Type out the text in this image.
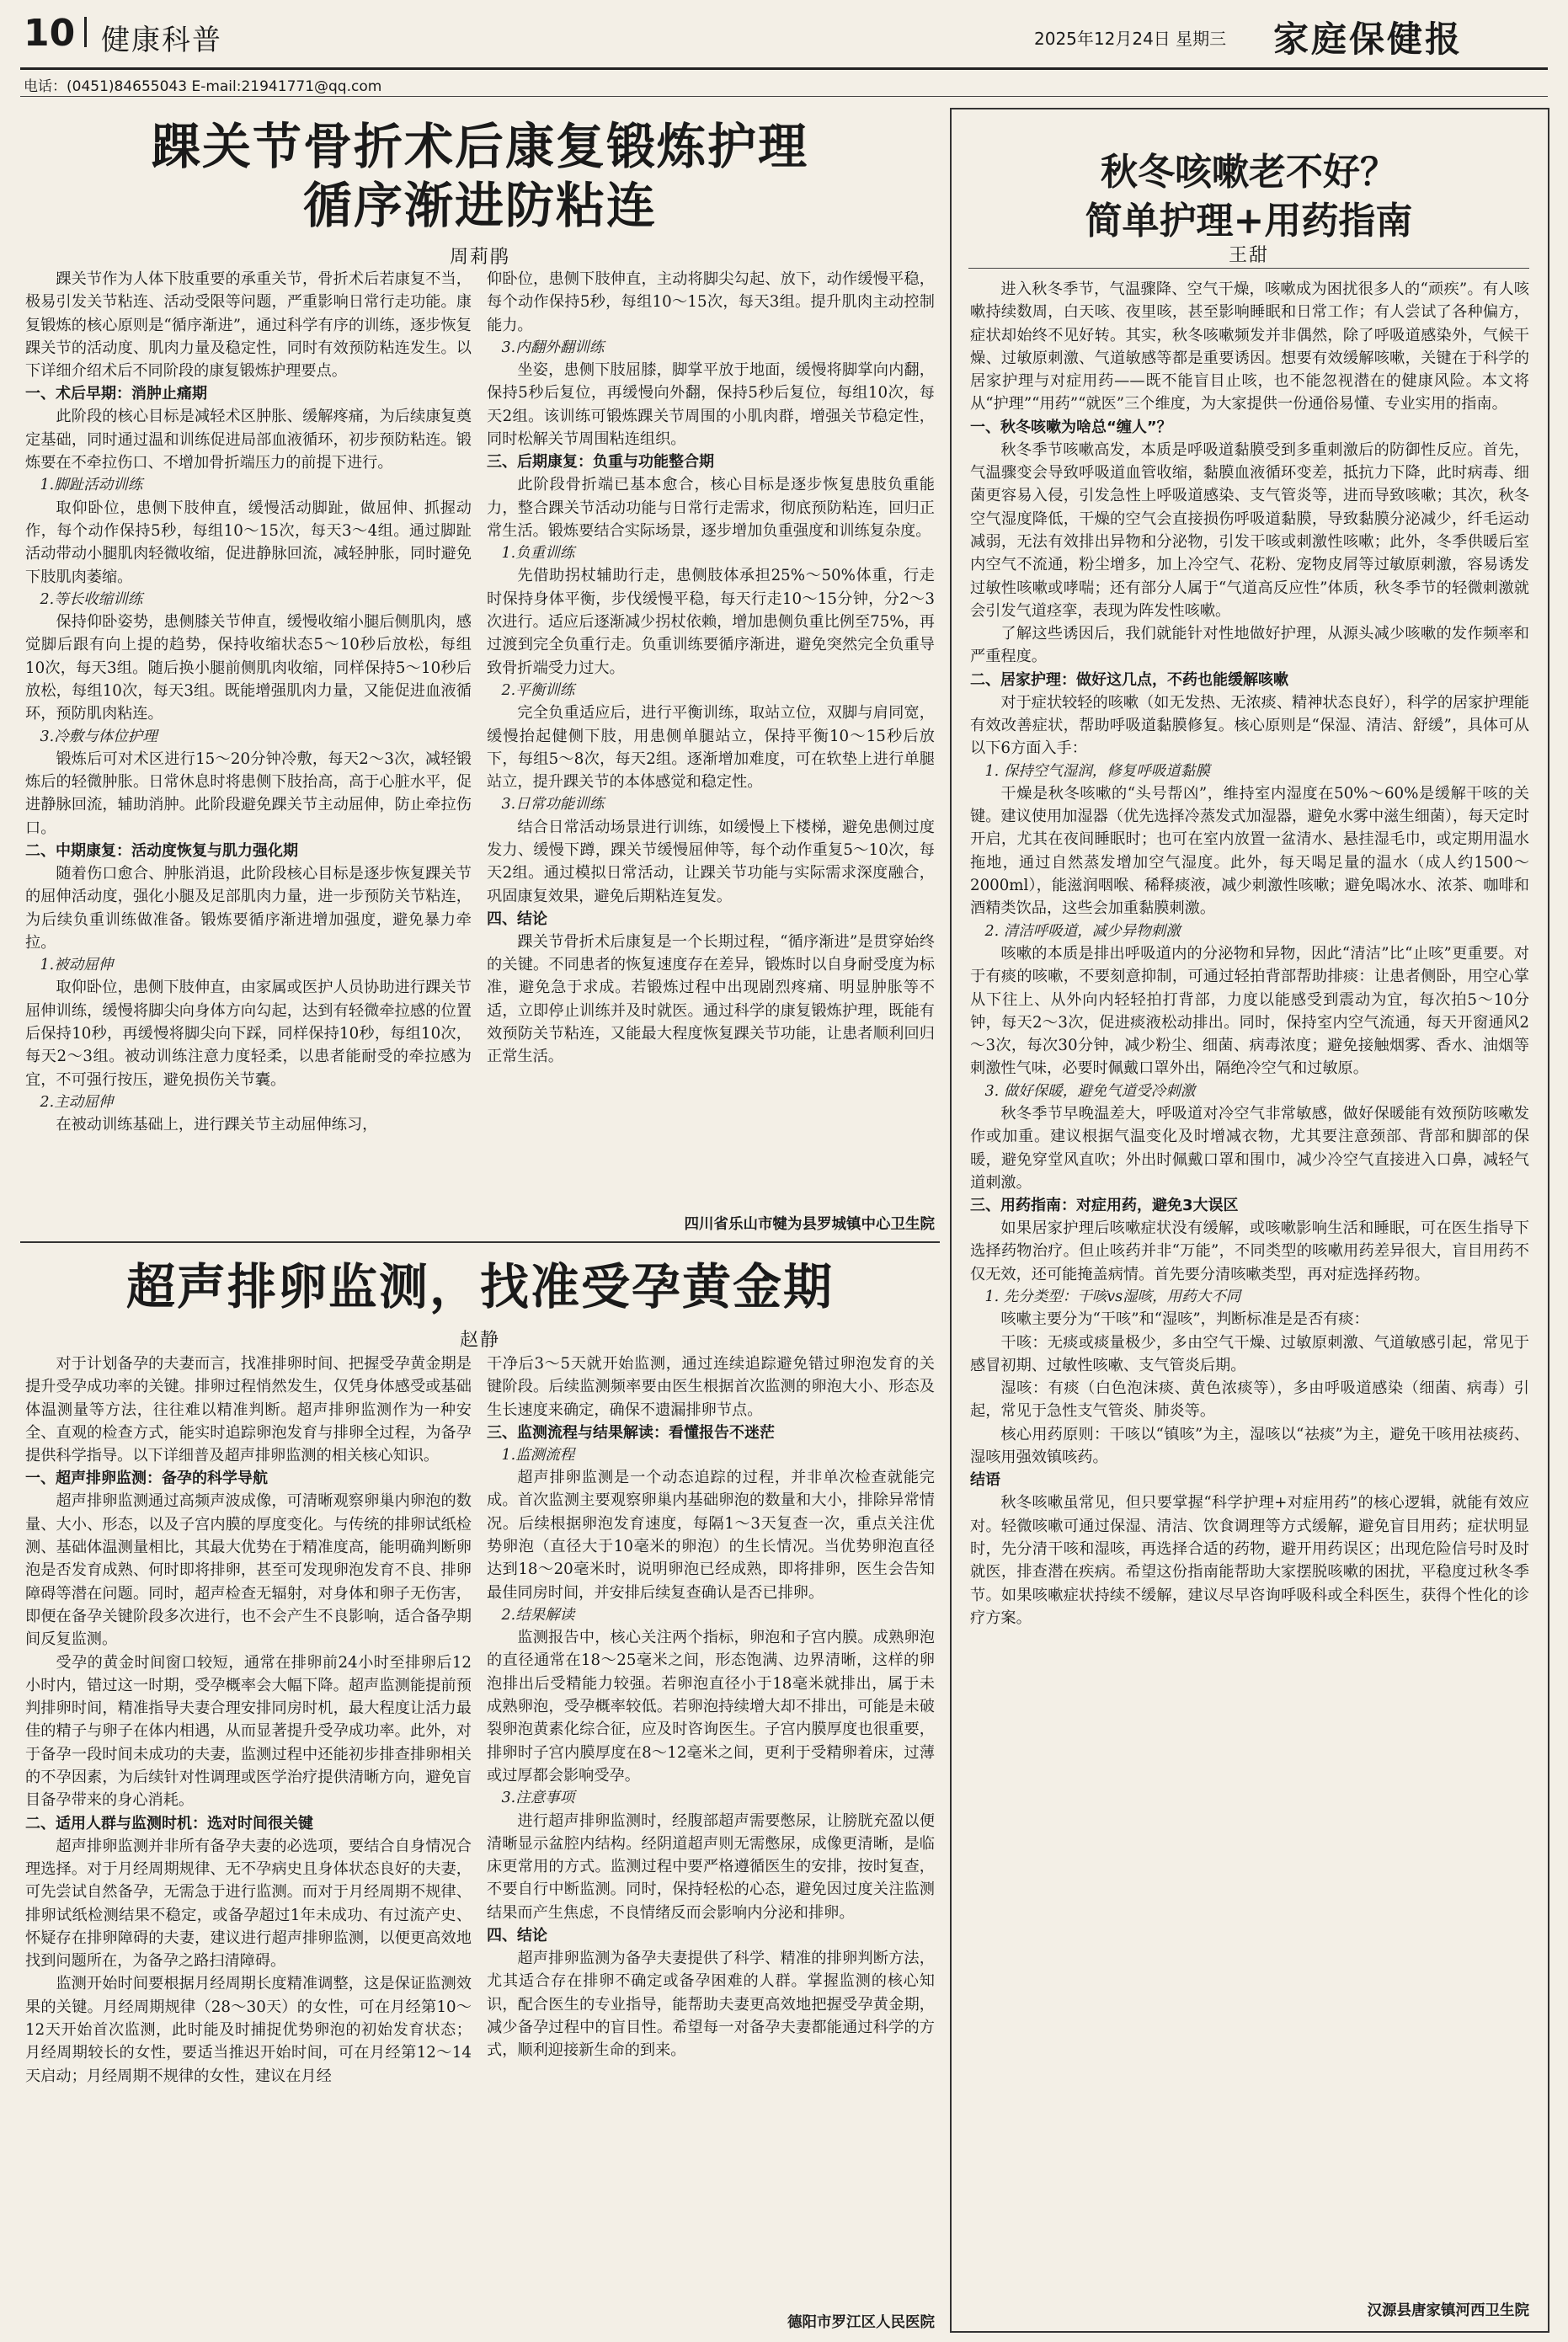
10 健康科普	2025年12月24日 星期三 家庭保健报
电话：(0451)84655043 E-mail:21941771@qq.com
踝关节骨折术后康复锻炼护理
循序渐进防粘连
周莉鹃

踝关节作为人体下肢重要的承重关节，骨折术后若康复不当，极易引发关节粘连、活动受限等问题，严重影响日常行走功能。康复锻炼的核心原则是“循序渐进”，通过科学有序的训练，逐步恢复踝关节的活动度、肌肉力量及稳定性，同时有效预防粘连发生。以下详细介绍术后不同阶段的康复锻炼护理要点。

一、术后早期：消肿止痛期

此阶段的核心目标是减轻术区肿胀、缓解疼痛，为后续康复奠定基础，同时通过温和训练促进局部血液循环，初步预防粘连。锻炼要在不牵拉伤口、不增加骨折端压力的前提下进行。

1.脚趾活动训练

取仰卧位，患侧下肢伸直，缓慢活动脚趾，做屈伸、抓握动作，每个动作保持5秒，每组10～15次，每天3～4组。通过脚趾活动带动小腿肌肉轻微收缩，促进静脉回流，减轻肿胀，同时避免下肢肌肉萎缩。

2.等长收缩训练

保持仰卧姿势，患侧膝关节伸直，缓慢收缩小腿后侧肌肉，感觉脚后跟有向上提的趋势，保持收缩状态5～10秒后放松，每组10次，每天3组。随后换小腿前侧肌肉收缩，同样保持5～10秒后放松，每组10次，每天3组。既能增强肌肉力量，又能促进血液循环，预防肌肉粘连。

3.冷敷与体位护理

锻炼后可对术区进行15～20分钟冷敷，每天2～3次，减轻锻炼后的轻微肿胀。日常休息时将患侧下肢抬高，高于心脏水平，促进静脉回流，辅助消肿。此阶段避免踝关节主动屈伸，防止牵拉伤口。

二、中期康复：活动度恢复与肌力强化期

随着伤口愈合、肿胀消退，此阶段核心目标是逐步恢复踝关节的屈伸活动度，强化小腿及足部肌肉力量，进一步预防关节粘连，为后续负重训练做准备。锻炼要循序渐进增加强度，避免暴力牵拉。

1.被动屈伸

取仰卧位，患侧下肢伸直，由家属或医护人员协助进行踝关节屈伸训练，缓慢将脚尖向身体方向勾起，达到有轻微牵拉感的位置后保持10秒，再缓慢将脚尖向下踩，同样保持10秒，每组10次，每天2～3组。被动训练注意力度轻柔，以患者能耐受的牵拉感为宜，不可强行按压，避免损伤关节囊。

2.主动屈伸

在被动训练基础上，进行踝关节主动屈伸练习，

仰卧位，患侧下肢伸直，主动将脚尖勾起、放下，动作缓慢平稳，每个动作保持5秒，每组10～15次，每天3组。提升肌肉主动控制能力。

3.内翻外翻训练

坐姿，患侧下肢屈膝，脚掌平放于地面，缓慢将脚掌向内翻，保持5秒后复位，再缓慢向外翻，保持5秒后复位，每组10次，每天2组。该训练可锻炼踝关节周围的小肌肉群，增强关节稳定性，同时松解关节周围粘连组织。

三、后期康复：负重与功能整合期

此阶段骨折端已基本愈合，核心目标是逐步恢复患肢负重能力，整合踝关节活动功能与日常行走需求，彻底预防粘连，回归正常生活。锻炼要结合实际场景，逐步增加负重强度和训练复杂度。

1.负重训练

先借助拐杖辅助行走，患侧肢体承担25%～50%体重，行走时保持身体平衡，步伐缓慢平稳，每天行走10～15分钟，分2～3次进行。适应后逐渐减少拐杖依赖，增加患侧负重比例至75%，再过渡到完全负重行走。负重训练要循序渐进，避免突然完全负重导致骨折端受力过大。

2.平衡训练

完全负重适应后，进行平衡训练，取站立位，双脚与肩同宽，缓慢抬起健侧下肢，用患侧单腿站立，保持平衡10～15秒后放下，每组5～8次，每天2组。逐渐增加难度，可在软垫上进行单腿站立，提升踝关节的本体感觉和稳定性。

3.日常功能训练

结合日常活动场景进行训练，如缓慢上下楼梯，避免患侧过度发力、缓慢下蹲，踝关节缓慢屈伸等，每个动作重复5～10次，每天2组。通过模拟日常活动，让踝关节功能与实际需求深度融合，巩固康复效果，避免后期粘连复发。

四、结论

踝关节骨折术后康复是一个长期过程，“循序渐进”是贯穿始终的关键。不同患者的恢复速度存在差异，锻炼时以自身耐受度为标准，避免急于求成。若锻炼过程中出现剧烈疼痛、明显肿胀等不适，立即停止训练并及时就医。通过科学的康复锻炼护理，既能有效预防关节粘连，又能最大程度恢复踝关节功能，让患者顺利回归正常生活。

四川省乐山市犍为县罗城镇中心卫生院
超声排卵监测，找准受孕黄金期
赵静

对于计划备孕的夫妻而言，找准排卵时间、把握受孕黄金期是提升受孕成功率的关键。排卵过程悄然发生，仅凭身体感受或基础体温测量等方法，往往难以精准判断。超声排卵监测作为一种安全、直观的检查方式，能实时追踪卵泡发育与排卵全过程，为备孕提供科学指导。以下详细普及超声排卵监测的相关核心知识。

一、超声排卵监测：备孕的科学导航

超声排卵监测通过高频声波成像，可清晰观察卵巢内卵泡的数量、大小、形态，以及子宫内膜的厚度变化。与传统的排卵试纸检测、基础体温测量相比，其最大优势在于精准度高，能明确判断卵泡是否发育成熟、何时即将排卵，甚至可发现卵泡发育不良、排卵障碍等潜在问题。同时，超声检查无辐射，对身体和卵子无伤害，即便在备孕关键阶段多次进行，也不会产生不良影响，适合备孕期间反复监测。

受孕的黄金时间窗口较短，通常在排卵前24小时至排卵后12小时内，错过这一时期，受孕概率会大幅下降。超声监测能提前预判排卵时间，精准指导夫妻合理安排同房时机，最大程度让活力最佳的精子与卵子在体内相遇，从而显著提升受孕成功率。此外，对于备孕一段时间未成功的夫妻，监测过程中还能初步排查排卵相关的不孕因素，为后续针对性调理或医学治疗提供清晰方向，避免盲目备孕带来的身心消耗。

二、适用人群与监测时机：选对时间很关键

超声排卵监测并非所有备孕夫妻的必选项，要结合自身情况合理选择。对于月经周期规律、无不孕病史且身体状态良好的夫妻，可先尝试自然备孕，无需急于进行监测。而对于月经周期不规律、排卵试纸检测结果不稳定，或备孕超过1年未成功、有过流产史、怀疑存在排卵障碍的夫妻，建议进行超声排卵监测，以便更高效地找到问题所在，为备孕之路扫清障碍。

监测开始时间要根据月经周期长度精准调整，这是保证监测效果的关键。月经周期规律（28～30天）的女性，可在月经第10～12天开始首次监测，此时能及时捕捉优势卵泡的初始发育状态；月经周期较长的女性，要适当推迟开始时间，可在月经第12～14天启动；月经周期不规律的女性，建议在月经

干净后3～5天就开始监测，通过连续追踪避免错过卵泡发育的关键阶段。后续监测频率要由医生根据首次监测的卵泡大小、形态及生长速度来确定，确保不遗漏排卵节点。

三、监测流程与结果解读：看懂报告不迷茫

1.监测流程

超声排卵监测是一个动态追踪的过程，并非单次检查就能完成。首次监测主要观察卵巢内基础卵泡的数量和大小，排除异常情况。后续根据卵泡发育速度，每隔1～3天复查一次，重点关注优势卵泡（直径大于10毫米的卵泡）的生长情况。当优势卵泡直径达到18～20毫米时，说明卵泡已经成熟，即将排卵，医生会告知最佳同房时间，并安排后续复查确认是否已排卵。

2.结果解读

监测报告中，核心关注两个指标，卵泡和子宫内膜。成熟卵泡的直径通常在18～25毫米之间，形态饱满、边界清晰，这样的卵泡排出后受精能力较强。若卵泡直径小于18毫米就排出，属于未成熟卵泡，受孕概率较低。若卵泡持续增大却不排出，可能是未破裂卵泡黄素化综合征，应及时咨询医生。子宫内膜厚度也很重要，排卵时子宫内膜厚度在8～12毫米之间，更利于受精卵着床，过薄或过厚都会影响受孕。

3.注意事项

进行超声排卵监测时，经腹部超声需要憋尿，让膀胱充盈以便清晰显示盆腔内结构。经阴道超声则无需憋尿，成像更清晰，是临床更常用的方式。监测过程中要严格遵循医生的安排，按时复查，不要自行中断监测。同时，保持轻松的心态，避免因过度关注监测结果而产生焦虑，不良情绪反而会影响内分泌和排卵。

四、结论

超声排卵监测为备孕夫妻提供了科学、精准的排卵判断方法，尤其适合存在排卵不确定或备孕困难的人群。掌握监测的核心知识，配合医生的专业指导，能帮助夫妻更高效地把握受孕黄金期，减少备孕过程中的盲目性。希望每一对备孕夫妻都能通过科学的方式，顺利迎接新生命的到来。

德阳市罗江区人民医院
秋冬咳嗽老不好？
简单护理+用药指南
王甜

进入秋冬季节，气温骤降、空气干燥，咳嗽成为困扰很多人的“顽疾”。有人咳嗽持续数周，白天咳、夜里咳，甚至影响睡眠和日常工作；有人尝试了各种偏方，症状却始终不见好转。其实，秋冬咳嗽频发并非偶然，除了呼吸道感染外，气候干燥、过敏原刺激、气道敏感等都是重要诱因。想要有效缓解咳嗽，关键在于科学的居家护理与对症用药——既不能盲目止咳，也不能忽视潜在的健康风险。本文将从“护理”“用药”“就医”三个维度，为大家提供一份通俗易懂、专业实用的指南。

一、秋冬咳嗽为啥总“缠人”？

秋冬季节咳嗽高发，本质是呼吸道黏膜受到多重刺激后的防御性反应。首先，气温骤变会导致呼吸道血管收缩，黏膜血液循环变差，抵抗力下降，此时病毒、细菌更容易入侵，引发急性上呼吸道感染、支气管炎等，进而导致咳嗽；其次，秋冬空气湿度降低，干燥的空气会直接损伤呼吸道黏膜，导致黏膜分泌减少，纤毛运动减弱，无法有效排出异物和分泌物，引发干咳或刺激性咳嗽；此外，冬季供暖后室内空气不流通，粉尘增多，加上冷空气、花粉、宠物皮屑等过敏原刺激，容易诱发过敏性咳嗽或哮喘；还有部分人属于“气道高反应性”体质，秋冬季节的轻微刺激就会引发气道痉挛，表现为阵发性咳嗽。

了解这些诱因后，我们就能针对性地做好护理，从源头减少咳嗽的发作频率和严重程度。

二、居家护理：做好这几点，不药也能缓解咳嗽

对于症状较轻的咳嗽（如无发热、无浓痰、精神状态良好），科学的居家护理能有效改善症状，帮助呼吸道黏膜修复。核心原则是“保湿、清洁、舒缓”，具体可从以下6方面入手：

1. 保持空气湿润，修复呼吸道黏膜

干燥是秋冬咳嗽的“头号帮凶”，维持室内湿度在50%～60%是缓解干咳的关键。建议使用加湿器（优先选择冷蒸发式加湿器，避免水雾中滋生细菌），每天定时开启，尤其在夜间睡眠时；也可在室内放置一盆清水、悬挂湿毛巾，或定期用温水拖地，通过自然蒸发增加空气湿度。此外，每天喝足量的温水（成人约1500～2000ml），能滋润咽喉、稀释痰液，减少刺激性咳嗽；避免喝冰水、浓茶、咖啡和酒精类饮品，这些会加重黏膜刺激。

2. 清洁呼吸道，减少异物刺激

咳嗽的本质是排出呼吸道内的分泌物和异物，因此“清洁”比“止咳”更重要。对于有痰的咳嗽，不要刻意抑制，可通过轻拍背部帮助排痰：让患者侧卧，用空心掌从下往上、从外向内轻轻拍打背部，力度以能感受到震动为宜，每次拍5～10分钟，每天2～3次，促进痰液松动排出。同时，保持室内空气流通，每天开窗通风2～3次，每次30分钟，减少粉尘、细菌、病毒浓度；避免接触烟雾、香水、油烟等刺激性气味，必要时佩戴口罩外出，隔绝冷空气和过敏原。

3. 做好保暖，避免气道受冷刺激

秋冬季节早晚温差大，呼吸道对冷空气非常敏感，做好保暖能有效预防咳嗽发作或加重。建议根据气温变化及时增减衣物，尤其要注意颈部、背部和脚部的保暖，避免穿堂风直吹；外出时佩戴口罩和围巾，减少冷空气直接进入口鼻，减轻气道刺激。

三、用药指南：对症用药，避免3大误区

如果居家护理后咳嗽症状没有缓解，或咳嗽影响生活和睡眠，可在医生指导下选择药物治疗。但止咳药并非“万能”，不同类型的咳嗽用药差异很大，盲目用药不仅无效，还可能掩盖病情。首先要分清咳嗽类型，再对症选择药物。

1. 先分类型：干咳vs湿咳，用药大不同

咳嗽主要分为“干咳”和“湿咳”，判断标准是是否有痰：

干咳：无痰或痰量极少，多由空气干燥、过敏原刺激、气道敏感引起，常见于感冒初期、过敏性咳嗽、支气管炎后期。

湿咳：有痰（白色泡沫痰、黄色浓痰等），多由呼吸道感染（细菌、病毒）引起，常见于急性支气管炎、肺炎等。

核心用药原则：干咳以“镇咳”为主，湿咳以“祛痰”为主，避免干咳用祛痰药、湿咳用强效镇咳药。

结语

秋冬咳嗽虽常见，但只要掌握“科学护理+对症用药”的核心逻辑，就能有效应对。轻微咳嗽可通过保湿、清洁、饮食调理等方式缓解，避免盲目用药；症状明显时，先分清干咳和湿咳，再选择合适的药物，避开用药误区；出现危险信号时及时就医，排查潜在疾病。希望这份指南能帮助大家摆脱咳嗽的困扰，平稳度过秋冬季节。如果咳嗽症状持续不缓解，建议尽早咨询呼吸科或全科医生，获得个性化的诊疗方案。

汉源县唐家镇河西卫生院
